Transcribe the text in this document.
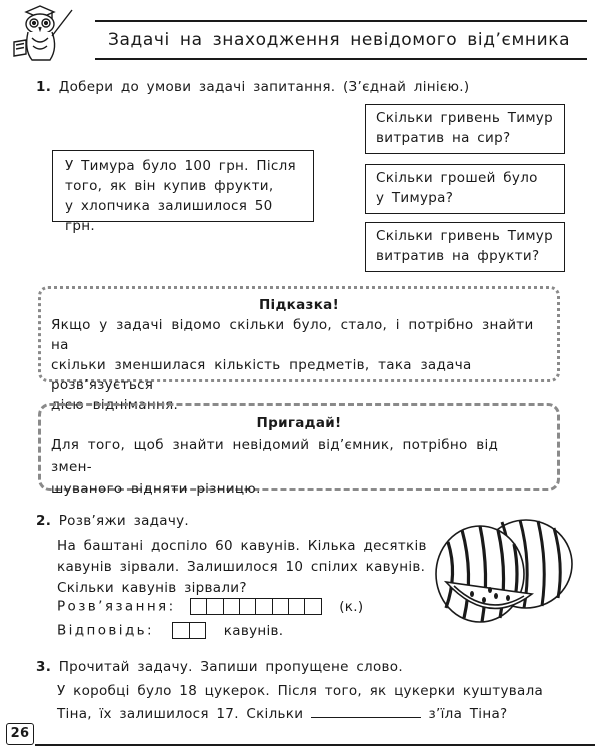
Задачі на знаходження невідомого від’ємника
1. Добери до умови задачі запитання. (З’єднай лінією.)
У Тимура було 100 грн. Після
того, як він купив фрукти,
у хлопчика залишилося 50 грн.
Скільки гривень Тимур
витратив на сир?
Скільки грошей було
у Тимура?
Скільки гривень Тимур
витратив на фрукти?
Підказка!
Якщо у задачі відомо скільки було, стало, і потрібно знайти на
скільки зменшилася кількість предметів, така задача розв’язується
дією віднімання.
Пригадай!
Для того, щоб знайти невідомий від’ємник, потрібно від змен-
шуваного відняти різницю.
2. Розв’яжи задачу.
На баштані доспіло 60 кавунів. Кілька десятків
кавунів зірвали. Залишилося 10 спілих кавунів.
Скільки кавунів зірвали?
Розв’язання:	(к.)
Відповідь:	кавунів.
3. Прочитай задачу. Запиши пропущене слово.
У коробці було 18 цукерок. Після того, як цукерки куштувала
Тіна, їх залишилося 17. Скільки	з’їла Тіна?
26
